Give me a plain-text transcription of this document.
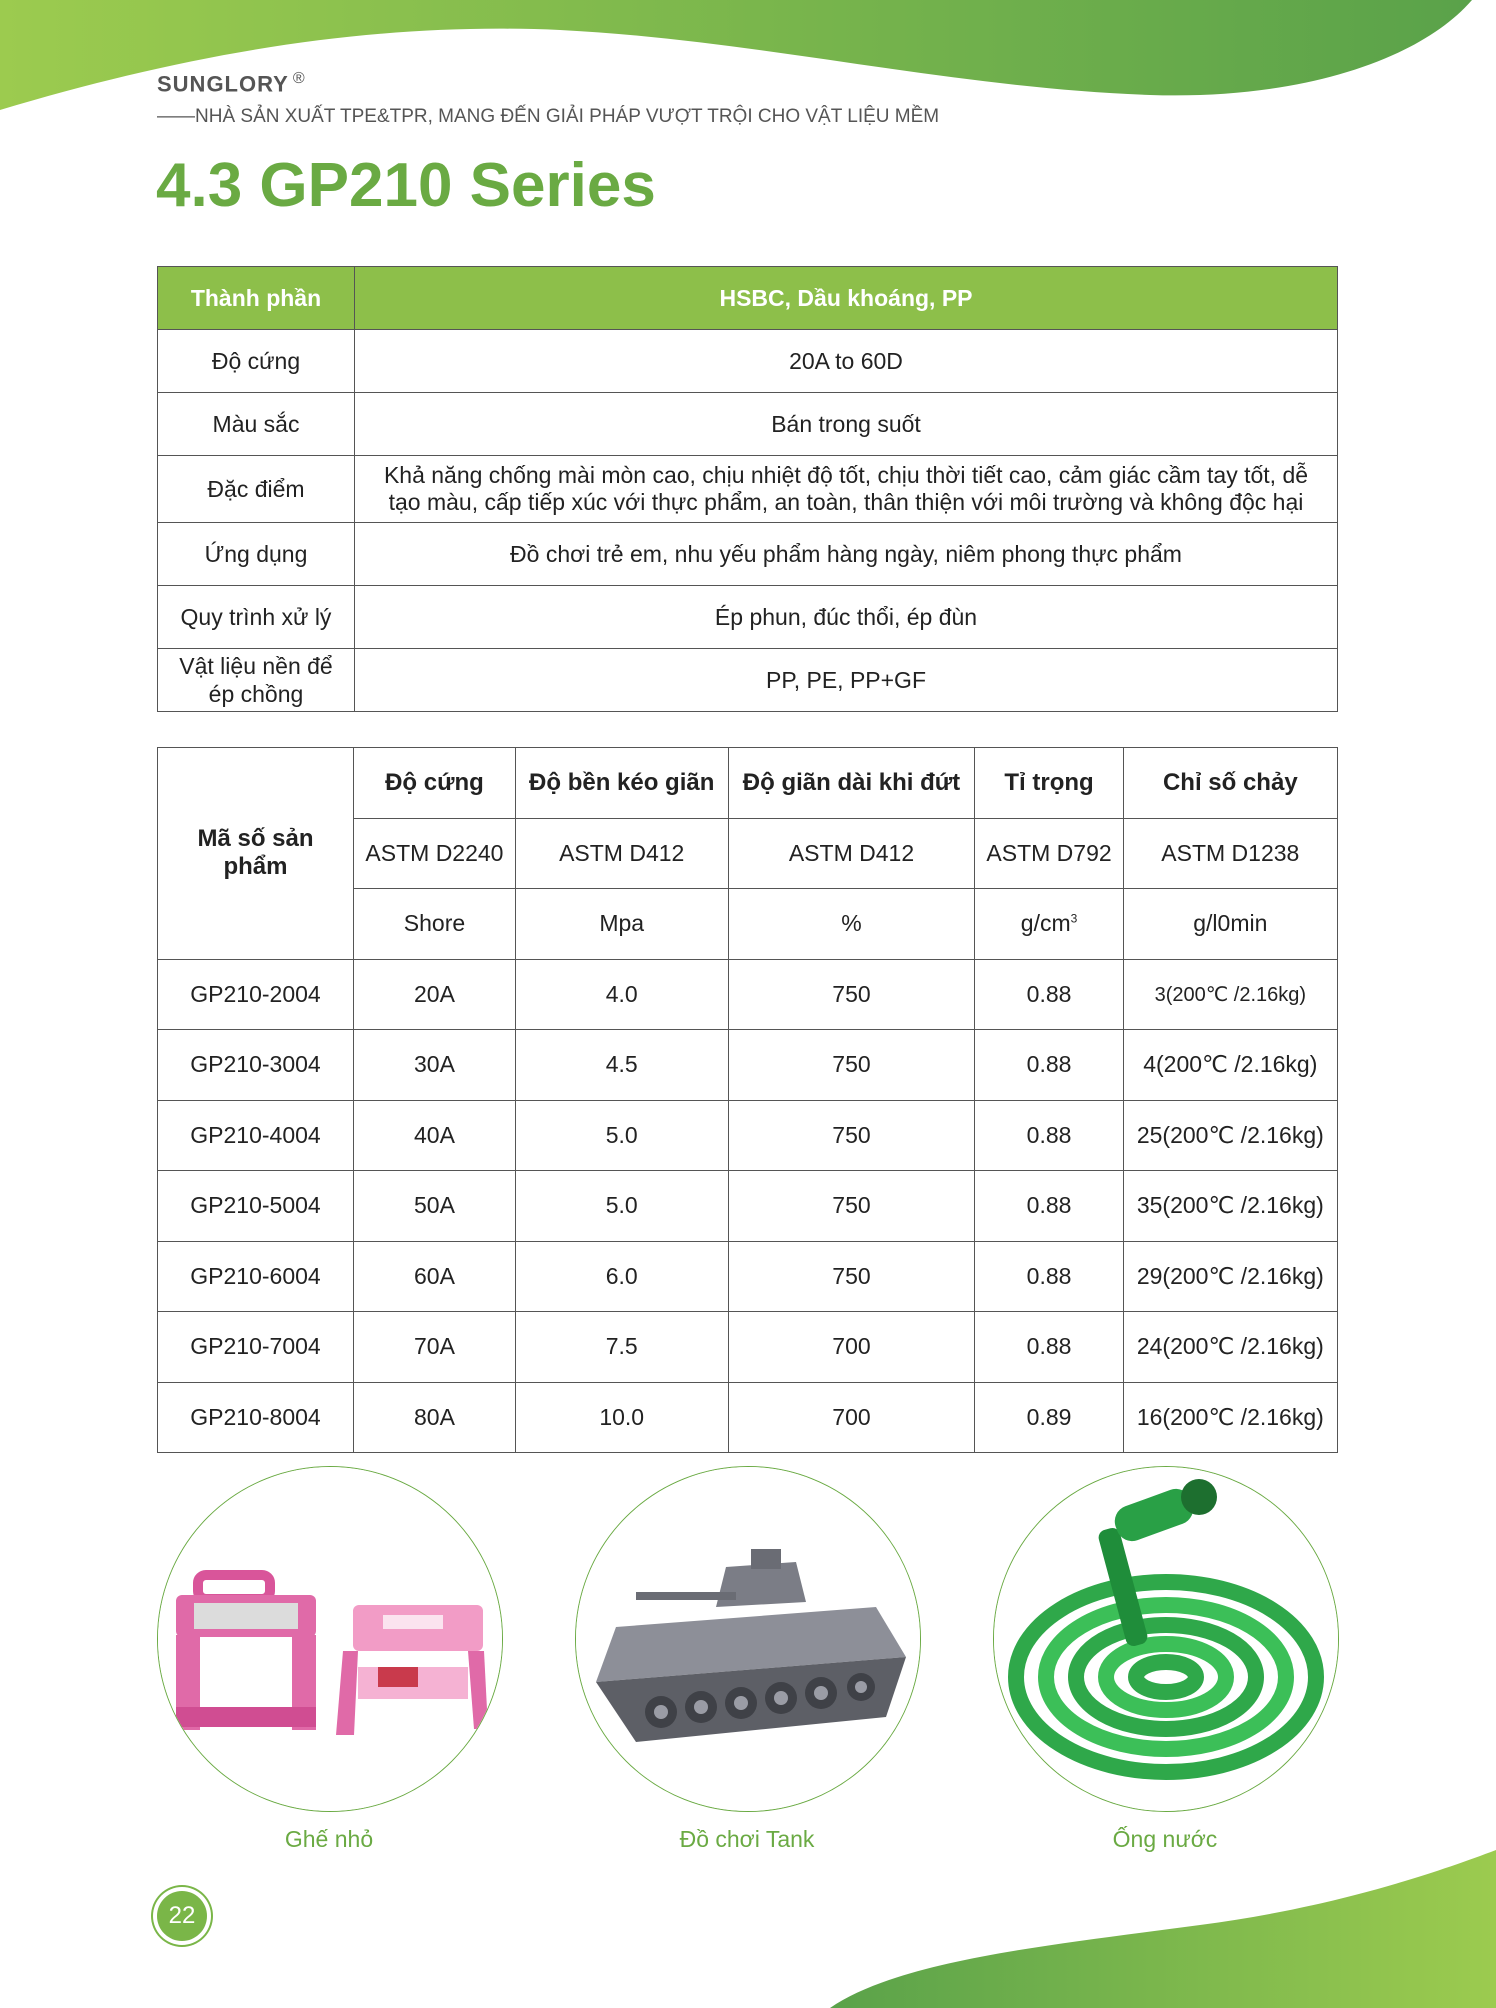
SUNGLORY ®
——NHÀ SẢN XUẤT TPE&TPR, MANG ĐẾN GIẢI PHÁP VƯỢT TRỘI CHO VẬT LIỆU MỀM
4.3 GP210 Series
Thành phần	HSBC, Dầu khoáng, PP
Độ cứng	20A to 60D
Màu sắc	Bán trong suốt
Đặc điểm	Khả năng chống mài mòn cao, chịu nhiệt độ tốt, chịu thời tiết cao, cảm giác cầm tay tốt, dễ tạo màu, cấp tiếp xúc với thực phẩm, an toàn, thân thiện với môi trường và không độc hại
Ứng dụng	Đồ chơi trẻ em, nhu yếu phẩm hàng ngày, niêm phong thực phẩm
Quy trình xử lý	Ép phun, đúc thổi, ép đùn
Vật liệu nền để ép chồng	PP, PE, PP+GF
Mã số sản phẩm	Độ cứng	Độ bền kéo giãn	Độ giãn dài khi đứt	Tỉ trọng	Chỉ số chảy
	ASTM D2240	ASTM D412	ASTM D412	ASTM D792	ASTM D1238
	Shore	Mpa	%	$g/cm^3$	g/l0min
GP210-2004	20A	4.0	750	0.88	3(200℃ /2.16kg)
GP210-3004	30A	4.5	750	0.88	4(200℃ /2.16kg)
GP210-4004	40A	5.0	750	0.88	25(200℃ /2.16kg)
GP210-5004	50A	5.0	750	0.88	35(200℃ /2.16kg)
GP210-6004	60A	6.0	750	0.88	29(200℃ /2.16kg)
GP210-7004	70A	7.5	700	0.88	24(200℃ /2.16kg)
GP210-8004	80A	10.0	700	0.89	16(200℃ /2.16kg)
Ghế nhỏ	Đồ chơi Tank	Ống nước
22
